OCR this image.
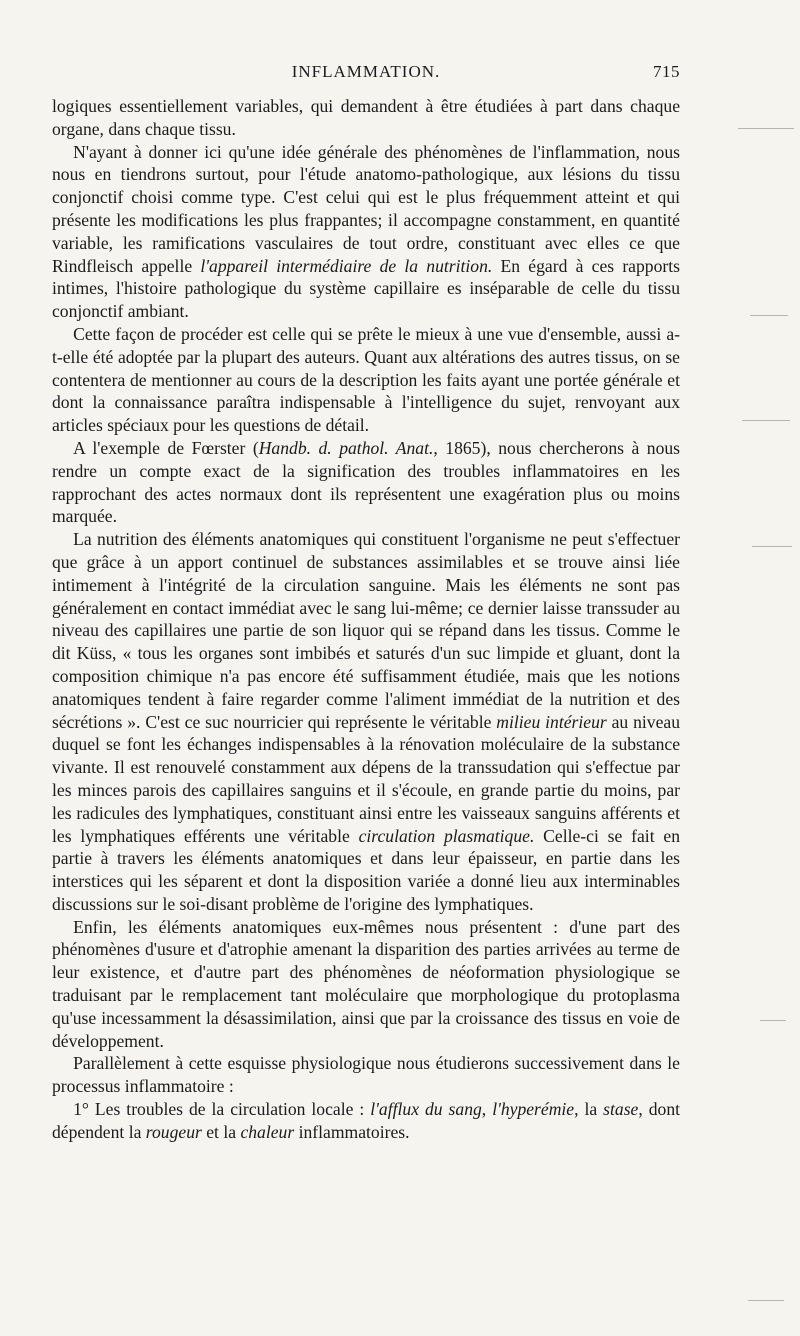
INFLAMMATION.	715

logiques essentiellement variables, qui demandent à être étudiées à part dans chaque organe, dans chaque tissu.

N'ayant à donner ici qu'une idée générale des phénomènes de l'inflammation, nous nous en tiendrons surtout, pour l'étude anatomo-pathologique, aux lésions du tissu conjonctif choisi comme type. C'est celui qui est le plus fréquemment atteint et qui présente les modifications les plus frappantes; il accompagne constamment, en quantité variable, les ramifications vasculaires de tout ordre, constituant avec elles ce que Rindfleisch appelle l'appareil intermédiaire de la nutrition. En égard à ces rapports intimes, l'histoire pathologique du système capillaire es inséparable de celle du tissu conjonctif ambiant.

Cette façon de procéder est celle qui se prête le mieux à une vue d'ensemble, aussi a-t-elle été adoptée par la plupart des auteurs. Quant aux altérations des autres tissus, on se contentera de mentionner au cours de la description les faits ayant une portée générale et dont la connaissance paraîtra indispensable à l'intelligence du sujet, renvoyant aux articles spéciaux pour les questions de détail.

A l'exemple de Fœrster (Handb. d. pathol. Anat., 1865), nous chercherons à nous rendre un compte exact de la signification des troubles inflammatoires en les rapprochant des actes normaux dont ils représentent une exagération plus ou moins marquée.

La nutrition des éléments anatomiques qui constituent l'organisme ne peut s'effectuer que grâce à un apport continuel de substances assimilables et se trouve ainsi liée intimement à l'intégrité de la circulation sanguine. Mais les éléments ne sont pas généralement en contact immédiat avec le sang lui-même; ce dernier laisse transsuder au niveau des capillaires une partie de son liquor qui se répand dans les tissus. Comme le dit Küss, « tous les organes sont imbibés et saturés d'un suc limpide et gluant, dont la composition chimique n'a pas encore été suffisamment étudiée, mais que les notions anatomiques tendent à faire regarder comme l'aliment immédiat de la nutrition et des sécrétions ». C'est ce suc nourricier qui représente le véritable milieu intérieur au niveau duquel se font les échanges indispensables à la rénovation moléculaire de la substance vivante. Il est renouvelé constamment aux dépens de la transsudation qui s'effectue par les minces parois des capillaires sanguins et il s'écoule, en grande partie du moins, par les radicules des lymphatiques, constituant ainsi entre les vaisseaux sanguins afférents et les lymphatiques efférents une véritable circulation plasmatique. Celle-ci se fait en partie à travers les éléments anatomiques et dans leur épaisseur, en partie dans les interstices qui les séparent et dont la disposition variée a donné lieu aux interminables discussions sur le soi-disant problème de l'origine des lymphatiques.

Enfin, les éléments anatomiques eux-mêmes nous présentent : d'une part des phénomènes d'usure et d'atrophie amenant la disparition des parties arrivées au terme de leur existence, et d'autre part des phénomènes de néoformation physiologique se traduisant par le remplacement tant moléculaire que morphologique du protoplasma qu'use incessamment la désassimilation, ainsi que par la croissance des tissus en voie de développement.

Parallèlement à cette esquisse physiologique nous étudierons successivement dans le processus inflammatoire :

1° Les troubles de la circulation locale : l'afflux du sang, l'hyperémie, la stase, dont dépendent la rougeur et la chaleur inflammatoires.
